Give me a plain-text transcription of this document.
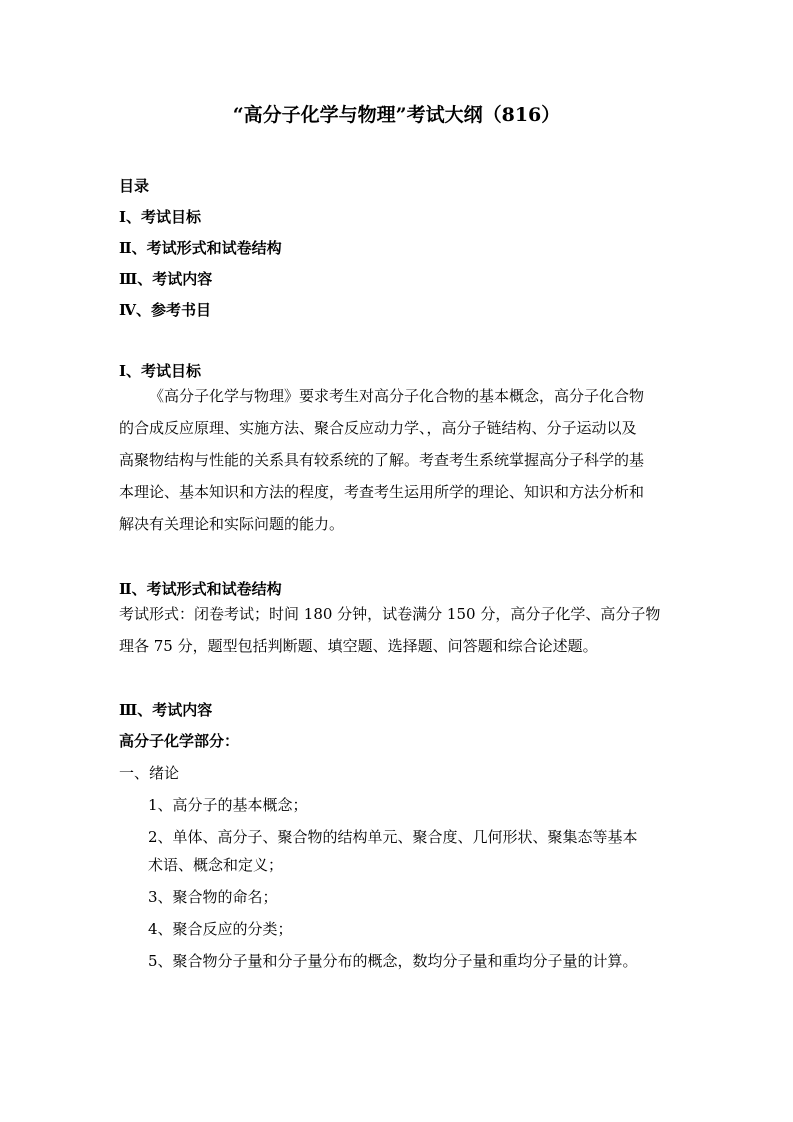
“高分子化学与物理”考试大纲（816）
目录
Ⅰ、考试目标
Ⅱ、考试形式和试卷结构
Ⅲ、考试内容
Ⅳ、参考书目
Ⅰ、考试目标
《高分子化学与物理》要求考生对高分子化合物的基本概念，高分子化合物
的合成反应原理、实施方法、聚合反应动力学、，高分子链结构、分子运动以及
高聚物结构与性能的关系具有较系统的了解。考查考生系统掌握高分子科学的基
本理论、基本知识和方法的程度，考查考生运用所学的理论、知识和方法分析和
解决有关理论和实际问题的能力。
Ⅱ、考试形式和试卷结构
考试形式：闭卷考试；时间 180 分钟，试卷满分 150 分，高分子化学、高分子物
理各 75 分，题型包括判断题、填空题、选择题、问答题和综合论述题。
Ⅲ、考试内容
高分子化学部分：
一、绪论
1、高分子的基本概念；
2、单体、高分子、聚合物的结构单元、聚合度、几何形状、聚集态等基本
术语、概念和定义；
3、聚合物的命名；
4、聚合反应的分类；
5、聚合物分子量和分子量分布的概念，数均分子量和重均分子量的计算。
